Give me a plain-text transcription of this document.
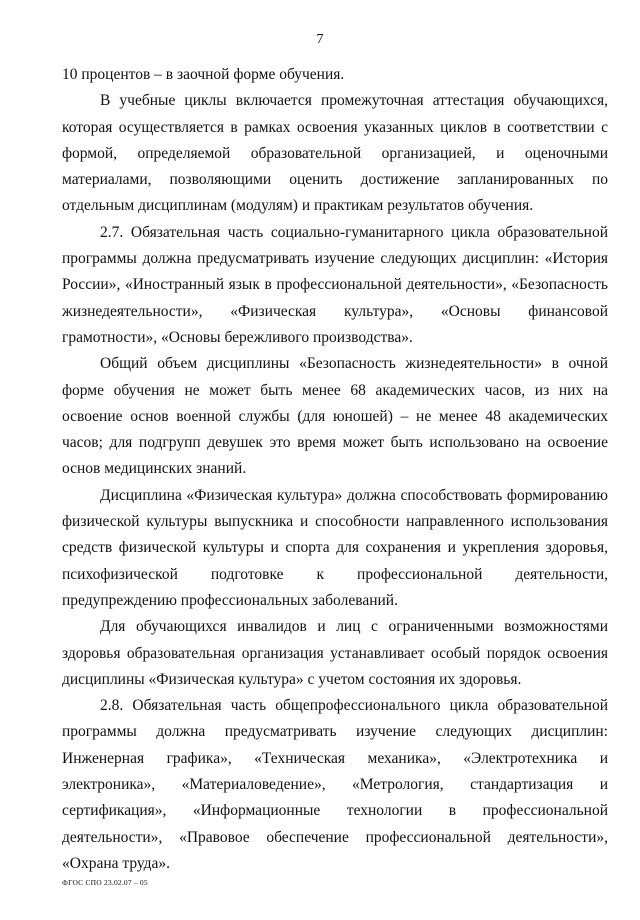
7

10 процентов – в заочной форме обучения.

В учебные циклы включается промежуточная аттестация обучающихся, которая осуществляется в рамках освоения указанных циклов в соответствии с формой, определяемой образовательной организацией, и оценочными материалами, позволяющими оценить достижение запланированных по отдельным дисциплинам (модулям) и практикам результатов обучения.

2.7. Обязательная часть социально-гуманитарного цикла образовательной программы должна предусматривать изучение следующих дисциплин: «История России», «Иностранный язык в профессиональной деятельности», «Безопасность жизнедеятельности», «Физическая культура», «Основы финансовой грамотности», «Основы бережливого производства».

Общий объем дисциплины «Безопасность жизнедеятельности» в очной форме обучения не может быть менее 68 академических часов, из них на освоение основ военной службы (для юношей) – не менее 48 академических часов; для подгрупп девушек это время может быть использовано на освоение основ медицинских знаний.

Дисциплина «Физическая культура» должна способствовать формированию физической культуры выпускника и способности направленного использования средств физической культуры и спорта для сохранения и укрепления здоровья, психофизической подготовке к профессиональной деятельности, предупреждению профессиональных заболеваний.

Для обучающихся инвалидов и лиц с ограниченными возможностями здоровья образовательная организация устанавливает особый порядок освоения дисциплины «Физическая культура» с учетом состояния их здоровья.

2.8. Обязательная часть общепрофессионального цикла образовательной программы должна предусматривать изучение следующих дисциплин: Инженерная графика», «Техническая механика», «Электротехника и электроника», «Материаловедение», «Метрология, стандартизация и сертификация», «Информационные технологии в профессиональной деятельности», «Правовое обеспечение профессиональной деятельности», «Охрана труда».

ФГОС СПО 23.02.07 – 05
